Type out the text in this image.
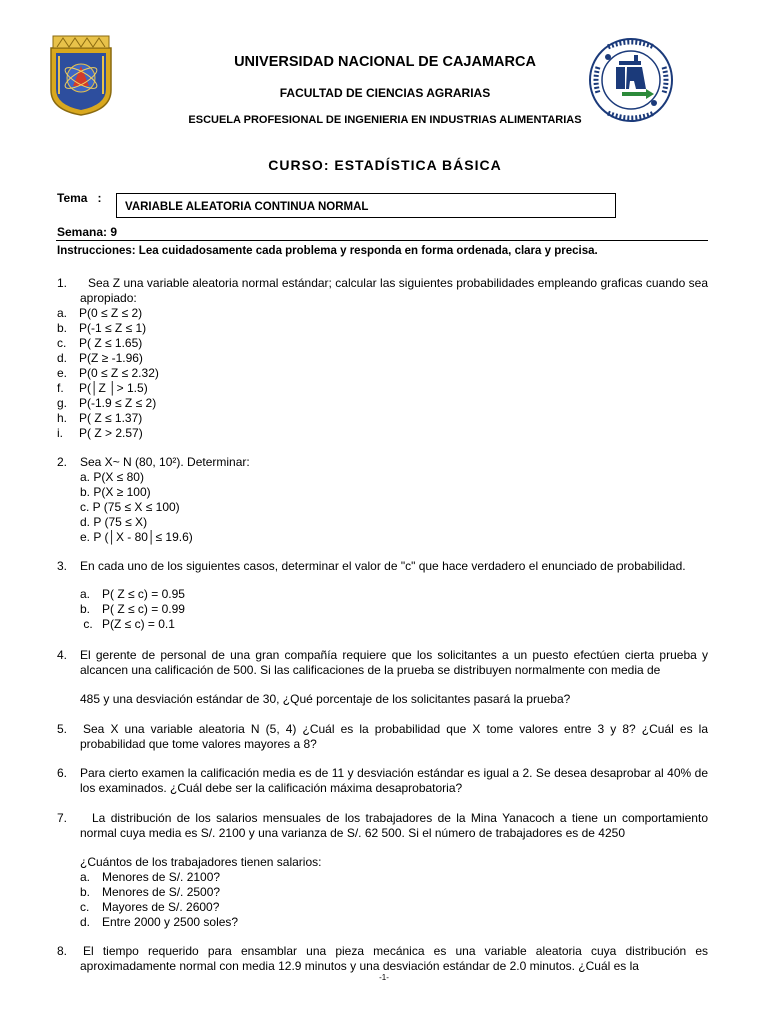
UNIVERSIDAD NACIONAL DE CAJAMARCA
FACULTAD DE CIENCIAS AGRARIAS
ESCUELA PROFESIONAL DE INGENIERIA EN INDUSTRIAS ALIMENTARIAS
CURSO: ESTADÍSTICA BÁSICA
Tema   :
VARIABLE ALEATORIA CONTINUA NORMAL
Semana: 9
Instrucciones: Lea cuidadosamente cada problema y responda en forma ordenada, clara y precisa.
1.	Sea Z una variable aleatoria normal estándar; calcular las siguientes probabilidades empleando graficas cuando sea apropiado:
a. P(0 ≤ Z ≤ 2)
b. P(-1 ≤ Z ≤ 1)
c. P( Z ≤ 1.65)
d. P(Z ≥ -1.96)
e. P(0 ≤ Z ≤ 2.32)
f. P(│Z │> 1.5)
g. P(-1.9 ≤ Z ≤ 2)
h. P( Z ≤ 1.37)
i. P( Z > 2.57)
2. Sea X~ N (80, 10²). Determinar:
a. P(X ≤ 80)
b. P(X ≥ 100)
c. P (75 ≤ X ≤ 100)
d. P (75 ≤ X)
e. P (│X - 80│≤ 19.6)
3. En cada uno de los siguientes casos, determinar el valor de "c" que hace verdadero el enunciado de probabilidad.
a. P( Z ≤ c) = 0.95
b. P( Z ≤ c) = 0.99
c. P(Z ≤ c) = 0.1
4. El gerente de personal de una gran compañía requiere que los solicitantes a un puesto efectúen cierta prueba y alcancen una calificación de 500. Si las calificaciones de la prueba se distribuyen normalmente con media de
485 y una desviación estándar de 30, ¿Qué porcentaje de los solicitantes pasará la prueba?
5. Sea X una variable aleatoria N (5, 4) ¿Cuál es la probabilidad que X tome valores entre 3 y 8? ¿Cuál es la probabilidad que tome valores mayores a 8?
6. Para cierto examen la calificación media es de 11 y desviación estándar es igual a 2. Se desea desaprobar al 40% de los examinados. ¿Cuál debe ser la calificación máxima desaprobatoria?
7.	La distribución de los salarios mensuales de los trabajadores de la Mina Yanacoch a tiene un comportamiento normal cuya media es S/. 2100 y una varianza de S/. 62 500. Si el número de trabajadores es de 4250
¿Cuántos de los trabajadores tienen salarios:
a. Menores de S/. 2100?
b. Menores de S/. 2500?
c. Mayores de S/. 2600?
d. Entre 2000 y 2500 soles?
8. El tiempo requerido para ensamblar una pieza mecánica es una variable aleatoria cuya distribución es aproximadamente normal con media 12.9 minutos y una desviación estándar de 2.0 minutos. ¿Cuál es la
-1-
